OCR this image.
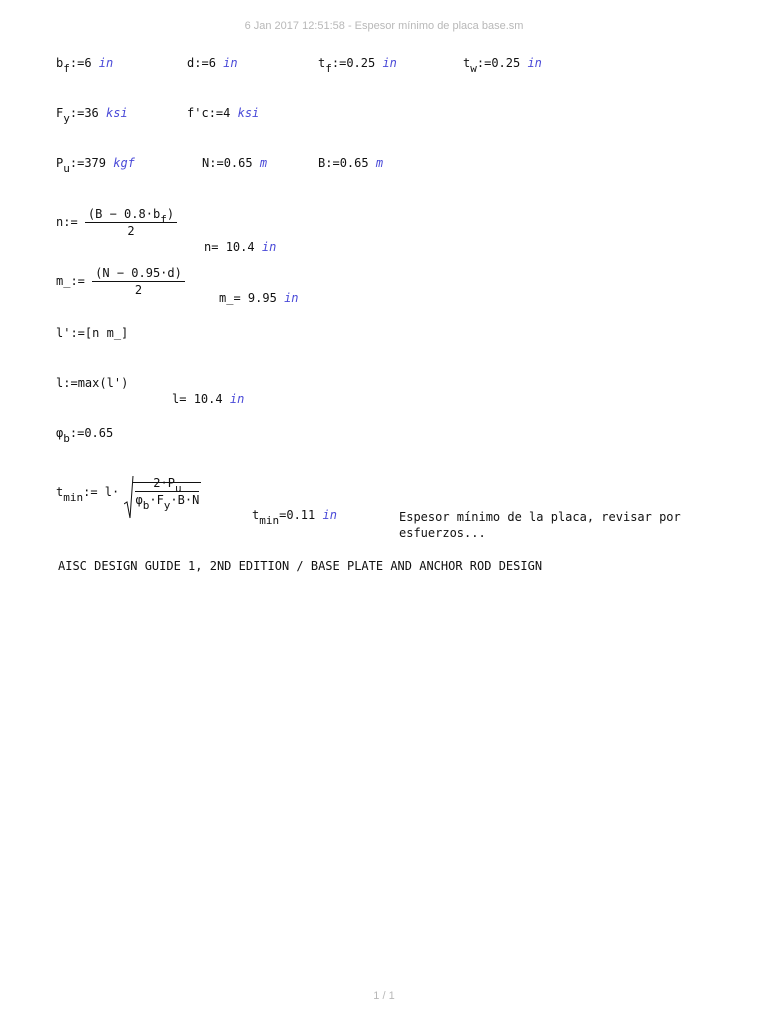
6 Jan 2017 12:51:58 - Espesor mínimo de placa base.sm
bf:=6 in	d:=6 in	tf:=0.25 in	tw:=0.25 in
Fy:=36 ksi	f'c:=4 ksi
Pu:=379 kgf	N:=0.65 m	B:=0.65 m
n:= $\frac{(B - 0.8\cdot bf)}{2}$
n= 10.4 in
m_:= $\frac{(N - 0.95\cdot d)}{2}$
m_= 9.95 in
l':=[n m_]
l:=max(l')
l= 10.4 in
φb:=0.65
tmin:= $l\cdot \frac{2\cdot Pu}{\varphi b\cdot Fy\cdot B\cdot N}$
tmin=0.11 in	Espesor mínimo de la placa, revisar por
esfuerzos...
AISC DESIGN GUIDE 1, 2ND EDITION / BASE PLATE AND ANCHOR ROD DESIGN
1 / 1
